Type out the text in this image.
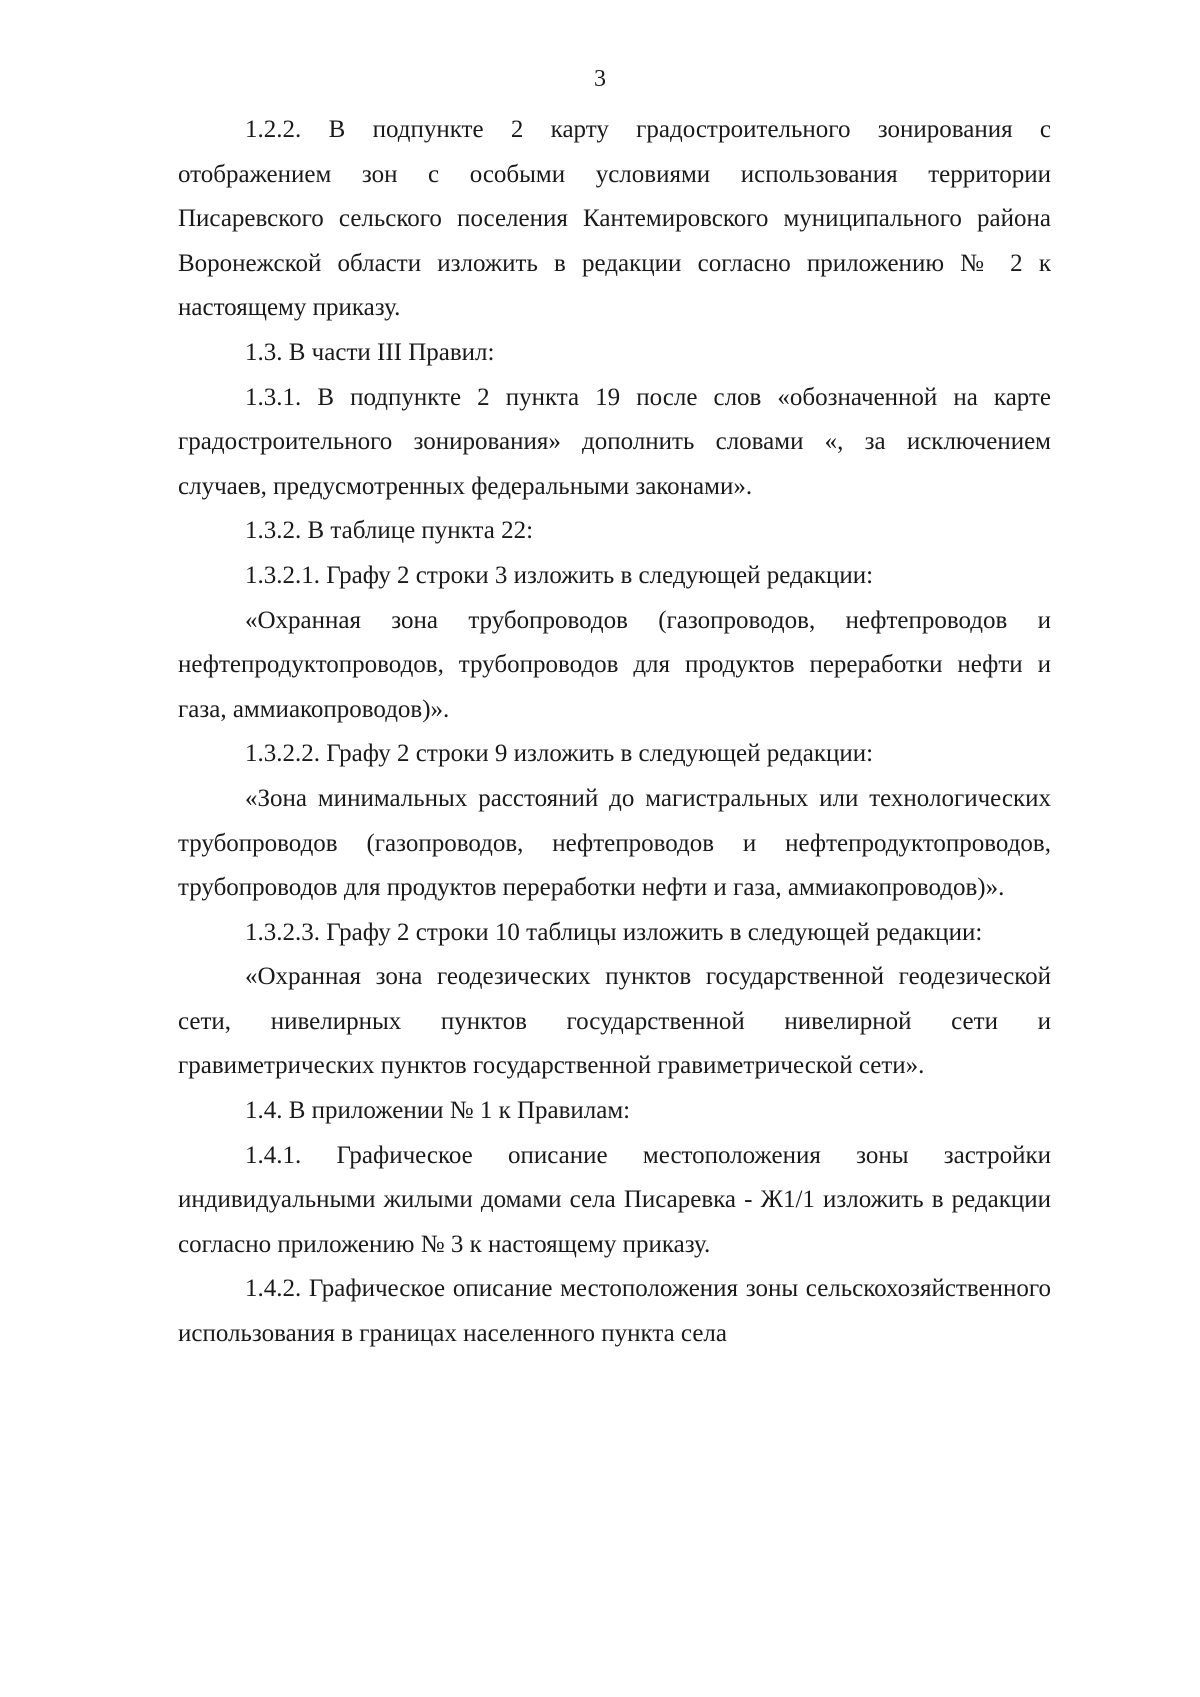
3

1.2.2. В подпункте 2 карту градостроительного зонирования с отображением зон с особыми условиями использования территории Писаревского сельского поселения Кантемировского муниципального района Воронежской области изложить в редакции согласно приложению № 2 к настоящему приказу.

1.3. В части III Правил:

1.3.1. В подпункте 2 пункта 19 после слов «обозначенной на карте градостроительного зонирования» дополнить словами «, за исключением случаев, предусмотренных федеральными законами».

1.3.2. В таблице пункта 22:

1.3.2.1. Графу 2 строки 3 изложить в следующей редакции:

«Охранная зона трубопроводов (газопроводов, нефтепроводов и нефтепродуктопроводов, трубопроводов для продуктов переработки нефти и газа, аммиакопроводов)».

1.3.2.2. Графу 2 строки 9 изложить в следующей редакции:

«Зона минимальных расстояний до магистральных или технологических трубопроводов (газопроводов, нефтепроводов и нефтепродуктопроводов, трубопроводов для продуктов переработки нефти и газа, аммиакопроводов)».

1.3.2.3. Графу 2 строки 10 таблицы изложить в следующей редакции:

«Охранная зона геодезических пунктов государственной геодезической сети, нивелирных пунктов государственной нивелирной сети и гравиметрических пунктов государственной гравиметрической сети».

1.4. В приложении № 1 к Правилам:

1.4.1. Графическое описание местоположения зоны застройки индивидуальными жилыми домами села Писаревка - Ж1/1 изложить в редакции согласно приложению № 3 к настоящему приказу.

1.4.2. Графическое описание местоположения зоны сельскохозяйственного использования в границах населенного пункта села
